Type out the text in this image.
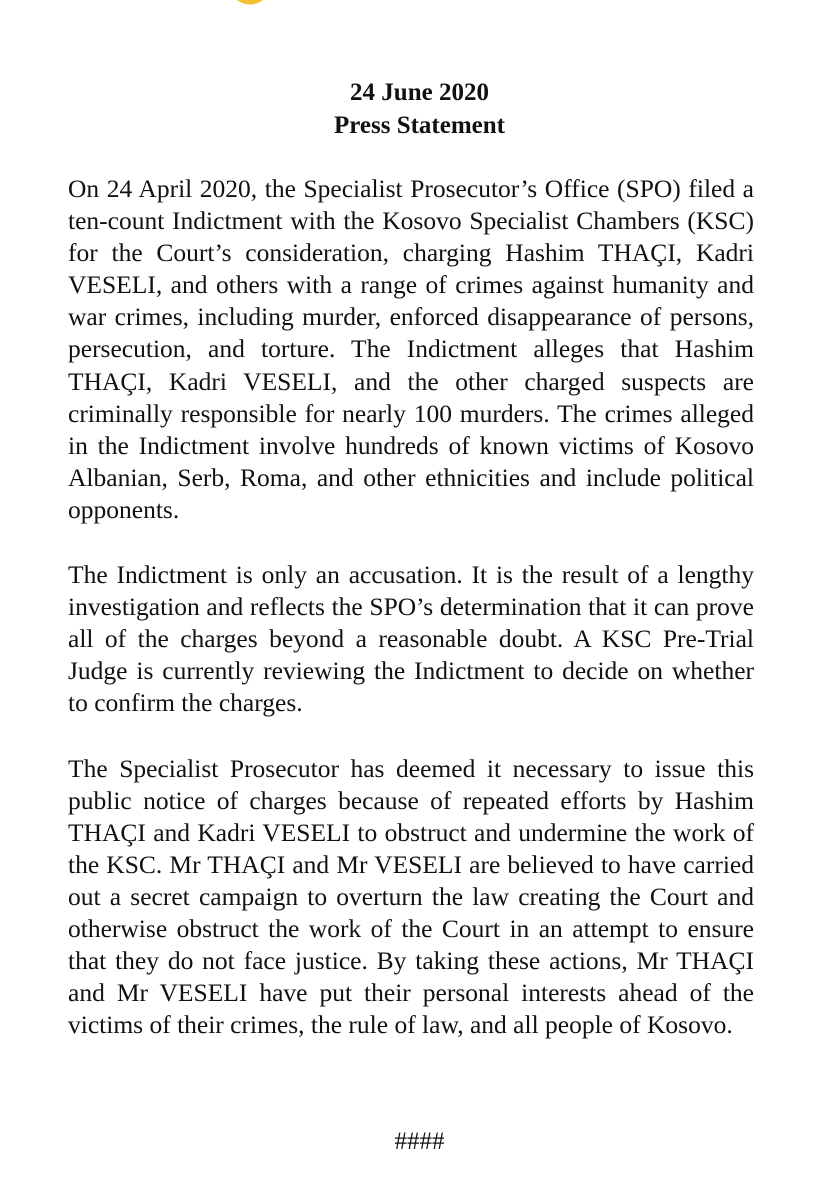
24 June 2020
Press Statement

On 24 April 2020, the Specialist Prosecutor’s Office (SPO) filed a ten-count Indictment with the Kosovo Specialist Chambers (KSC) for the Court’s consideration, charging Hashim THAÇI, Kadri VESELI, and others with a range of crimes against humanity and war crimes, including murder, enforced disappearance of persons, persecution, and torture. The Indictment alleges that Hashim THAÇI, Kadri VESELI, and the other charged suspects are criminally responsible for nearly 100 murders. The crimes alleged in the Indictment involve hundreds of known victims of Kosovo Albanian, Serb, Roma, and other ethnicities and include political opponents.

The Indictment is only an accusation. It is the result of a lengthy investigation and reflects the SPO’s determination that it can prove all of the charges beyond a reasonable doubt. A KSC Pre-Trial Judge is currently reviewing the Indictment to decide on whether to confirm the charges.

The Specialist Prosecutor has deemed it necessary to issue this public notice of charges because of repeated efforts by Hashim THAÇI and Kadri VESELI to obstruct and undermine the work of the KSC. Mr THAÇI and Mr VESELI are believed to have carried out a secret campaign to overturn the law creating the Court and otherwise obstruct the work of the Court in an attempt to ensure that they do not face justice. By taking these actions, Mr THAÇI and Mr VESELI have put their personal interests ahead of the victims of their crimes, the rule of law, and all people of Kosovo.

####
